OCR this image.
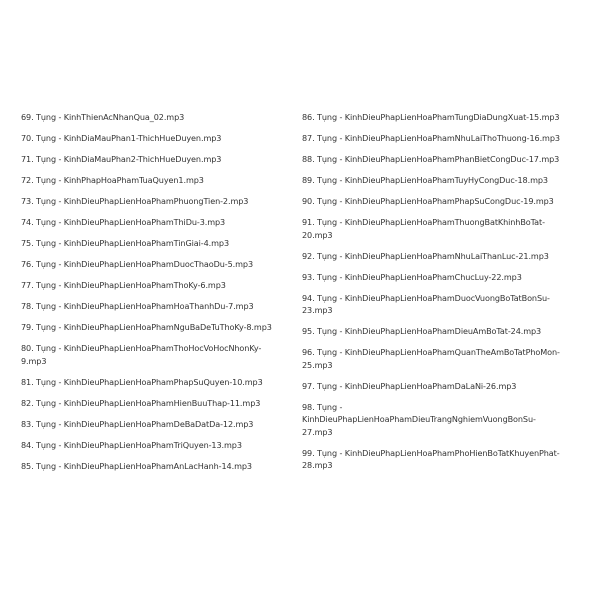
69. Tụng - KinhThienAcNhanQua_02.mp3
70. Tụng - KinhDiaMauPhan1-ThichHueDuyen.mp3
71. Tụng - KinhDiaMauPhan2-ThichHueDuyen.mp3
72. Tụng - KinhPhapHoaPhamTuaQuyen1.mp3
73. Tụng - KinhDieuPhapLienHoaPhamPhuongTien-2.mp3
74. Tụng - KinhDieuPhapLienHoaPhamThiDu-3.mp3
75. Tụng - KinhDieuPhapLienHoaPhamTinGiai-4.mp3
76. Tụng - KinhDieuPhapLienHoaPhamDuocThaoDu-5.mp3
77. Tụng - KinhDieuPhapLienHoaPhamThoKy-6.mp3
78. Tụng - KinhDieuPhapLienHoaPhamHoaThanhDu-7.mp3
79. Tụng - KinhDieuPhapLienHoaPhamNguBaDeTuThoKy-8.mp3
80. Tụng - KinhDieuPhapLienHoaPhamThoHocVoHocNhonKy-
9.mp3
81. Tụng - KinhDieuPhapLienHoaPhamPhapSuQuyen-10.mp3
82. Tụng - KinhDieuPhapLienHoaPhamHienBuuThap-11.mp3
83. Tụng - KinhDieuPhapLienHoaPhamDeBaDatDa-12.mp3
84. Tụng - KinhDieuPhapLienHoaPhamTriQuyen-13.mp3
85. Tụng - KinhDieuPhapLienHoaPhamAnLacHanh-14.mp3
86. Tụng - KinhDieuPhapLienHoaPhamTungDiaDungXuat-15.mp3
87. Tụng - KinhDieuPhapLienHoaPhamNhuLaiThoThuong-16.mp3
88. Tụng - KinhDieuPhapLienHoaPhamPhanBietCongDuc-17.mp3
89. Tụng - KinhDieuPhapLienHoaPhamTuyHyCongDuc-18.mp3
90. Tụng - KinhDieuPhapLienHoaPhamPhapSuCongDuc-19.mp3
91. Tụng - KinhDieuPhapLienHoaPhamThuongBatKhinhBoTat-
20.mp3
92. Tụng - KinhDieuPhapLienHoaPhamNhuLaiThanLuc-21.mp3
93. Tụng - KinhDieuPhapLienHoaPhamChucLuy-22.mp3
94. Tụng - KinhDieuPhapLienHoaPhamDuocVuongBoTatBonSu-
23.mp3
95. Tụng - KinhDieuPhapLienHoaPhamDieuAmBoTat-24.mp3
96. Tụng - KinhDieuPhapLienHoaPhamQuanTheAmBoTatPhoMon-
25.mp3
97. Tụng - KinhDieuPhapLienHoaPhamDaLaNi-26.mp3
98. Tụng -
KinhDieuPhapLienHoaPhamDieuTrangNghiemVuongBonSu-
27.mp3
99. Tụng - KinhDieuPhapLienHoaPhamPhoHienBoTatKhuyenPhat-
28.mp3
